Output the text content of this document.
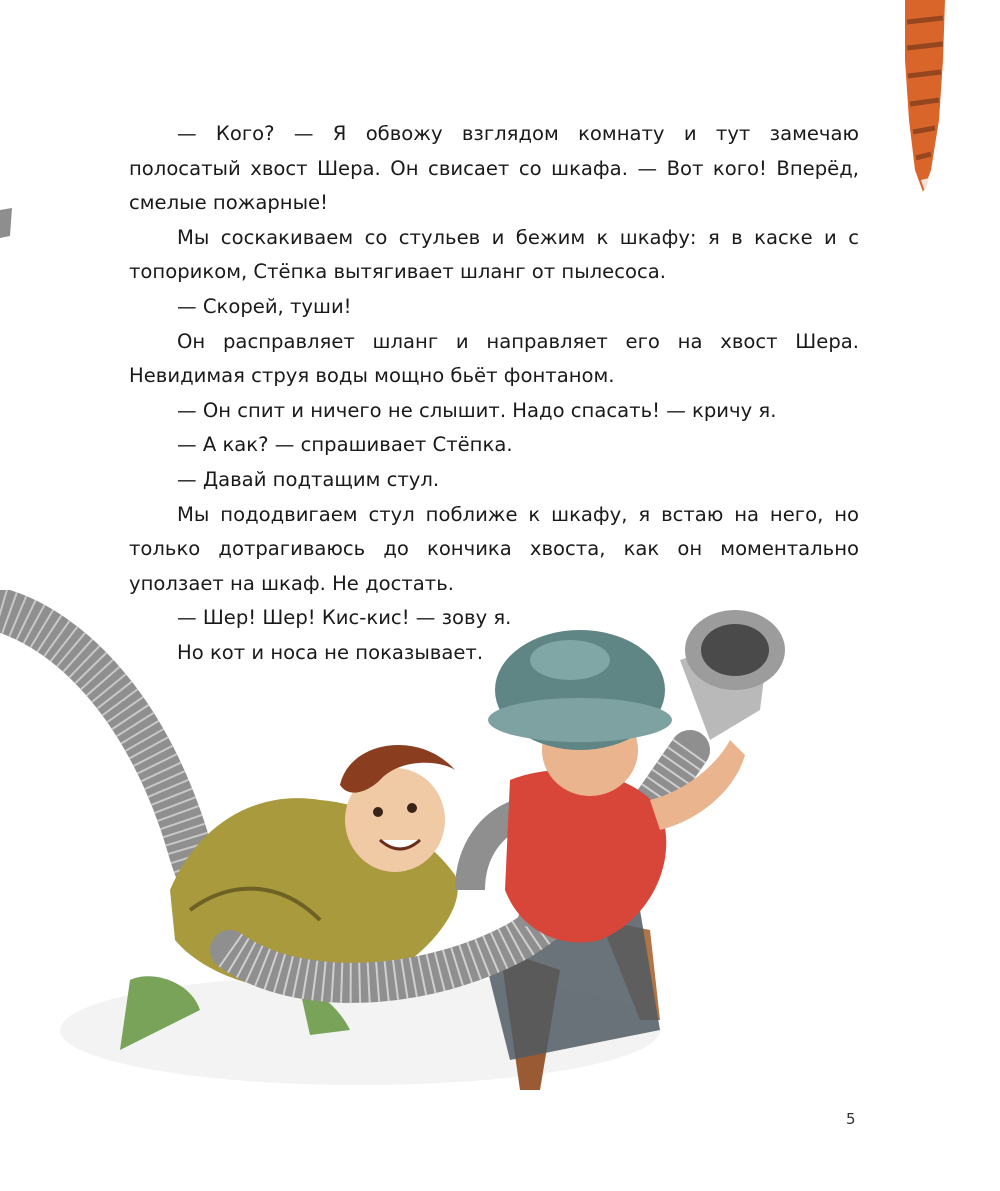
— Кого? — Я обвожу взглядом комнату и тут замечаю полосатый хвост Шера. Он свисает со шкафа. — Вот кого! Вперёд, смелые пожарные!

Мы соскакиваем со стульев и бежим к шкафу: я в каске и с топориком, Стёпка вытягивает шланг от пылесоса.

— Скорей, туши!

Он расправляет шланг и направляет его на хвост Шера. Невидимая струя воды мощно бьёт фонтаном.

— Он спит и ничего не слышит. Надо спасать! — кричу я.

— А как? — спрашивает Стёпка.

— Давай подтащим стул.

Мы пододвигаем стул поближе к шкафу, я встаю на него, но только дотрагиваюсь до кончика хвоста, как он моментально уползает на шкаф. Не достать.

— Шер! Шер! Кис-кис! — зову я.

Но кот и носа не показывает.

5
